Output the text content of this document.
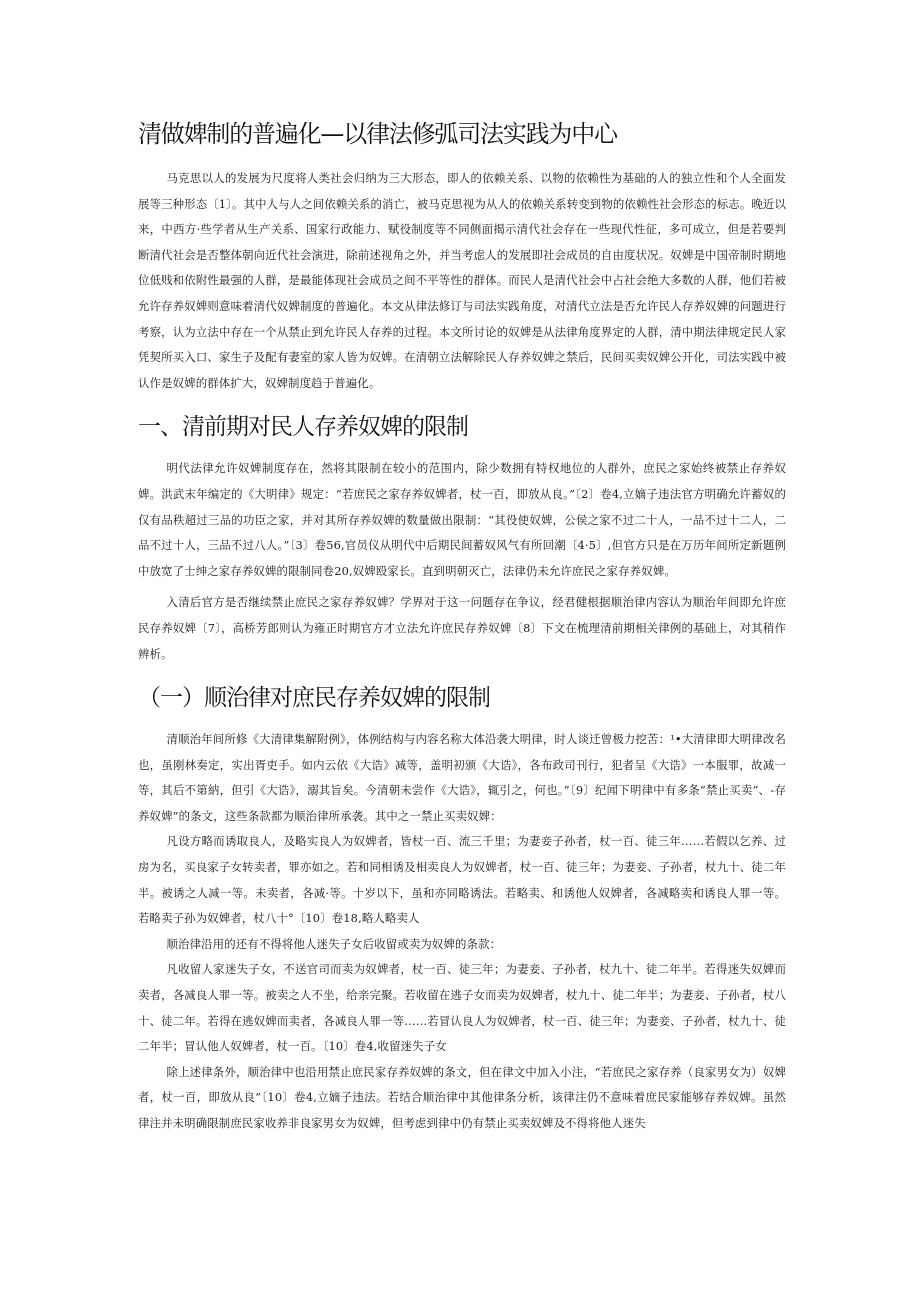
清做婢制的普遍化—以律法修弧司法实践为中心

马克思以人的发展为尺度将人类社会归纳为三大形态，即人的依赖关系、以物的依赖性为基础的人的独立性和个人全面发展等三种形态〔1〕。其中人与人之间依赖关系的消亡，被马克思视为从人的依赖关系转变到物的依赖性社会形态的标志。晚近以来，中西方·些学者从生产关系、国家行政能力、赋役制度等不同侧面揭示清代社会存在一些现代性征，多可成立，但是若要判断清代社会是否整体朝向近代社会演进，除前述视角之外，并当考虑人的发展即社会成员的自由度状况。奴婢是中国帝制时期地位低贱和依附性最强的人群，是最能体现社会成员之间不平等性的群体。而民人是清代社会中占社会绝大多数的人群，他们若被允许存养奴婢则意味着清代奴婢制度的普遍化。本文从律法修订与司法实践角度，对清代立法是否允许民人存养奴婢的问题进行考察，认为立法中存在一个从禁止到允许民人存养的过程。本文所讨论的奴婢是从法律角度界定的人群，清中期法律规定民人家凭契所买入口、家生子及配有妻室的家人皆为奴婢。在清朝立法解除民人存养奴婢之禁后，民间买卖奴婢公开化，司法实践中被认作是奴婢的群体扩大，奴婢制度趋于普遍化。

一、清前期对民人存养奴婢的限制

明代法律允许奴婢制度存在，然将其限制在较小的范围内，除少数拥有特权地位的人群外，庶民之家始终被禁止存养奴婢。洪武末年编定的《大明律》规定：“若庶民之家存养奴婢者，杖一百，即放从良。”〔2〕卷4,立嫡子违法官方明确允许蓄奴的仅有品秩超过三品的功臣之家，并对其所存养奴婢的数量做出限制：“其役使奴婢，公侯之家不过二十人，一品不过十二人，二品不过十人，三品不过八人。”〔3〕卷56,官员仪从明代中后期民间蓄奴风气有所回潮〔4·5〕,但官方只是在万历年间所定新题例中放宽了士绅之家存养奴婢的限制同卷20,奴婢殴家长。直到明朝灭亡，法律仍未允许庶民之家存养奴婢。

入清后官方是否继续禁止庶民之家存养奴婢？学界对于这一问题存在争议，经君健根据顺治律内容认为顺治年间即允许庶民存养奴婢〔7〕，高桥芳郎则认为雍正时期官方才立法允许庶民存养奴婢〔8〕下文在梳理清前期相关律例的基础上，对其稍作辨析。

（一）顺治律对庶民存养奴婢的限制

清顺治年间所修《大清律集解附例》，体例结构与内容名称大体沿袭大明律，时人谈迁曾极力挖苦：¹•大清律即大明律改名也，虽刚林奏定，实出胥吏手。如内云依《大诰》减等，盖明初颁《大诰》，各布政司刊行，犯者呈《大诰》一本服罪，故减一等，其后不第納，但引《大诰》，溺其旨矣。今清朝未尝作《大诰》，辄引之，何也。”〔9〕纪闻下明律中有多条“禁止买卖”、-存养奴婢”的条文，这些条款都为顺治律所承袭。其中之一禁止买卖奴婢：

凡设方略而诱取良人，及略实良人为奴婢者，皆杖一百、流三千里；为妻妾子孙者，杖一百、徒三年……若假以乞养、过房为名，买良家子女转卖者，罪亦如之。若和同相诱及相卖良人为奴婢者，杖一百、徒三年；为妻妾、子孙者，杖九十、徒二年半。被诱之人减一等。未卖者，各减·等。十岁以下，虽和亦同略诱法。若略卖、和诱他人奴婢者，各减略卖和诱良人罪一等。若略卖子孙为奴婢者，杖八十°〔10〕卷18,略人略卖人

顺治律沿用的还有不得将他人迷失子女后收留或卖为奴婢的条款：

凡收留人家迷失子女，不送官司而卖为奴婢者，杖一百、徒三年；为妻妾、子孙者，杖九十、徒二年半。若得迷失奴婢而卖者，各减良人罪一等。被卖之人不坐，给亲完聚。若收留在逃子女而卖为奴婢者，杖九十、徒二年半；为妻妾、子孙者，杖八十、徒二年。若得在逃奴婢而卖者，各减良人罪一等……若冒认良人为奴婢者，杖一百、徒三年；为妻妾、子孙者，杖九十、徒二年半；冒认他人奴婢者，杖一百。〔10〕卷4,收留迷失子女

除上述律条外，顺治律中也沿用禁止庶民家存养奴婢的条文，但在律文中加入小注，“若庶民之家存养（良家男女为）奴婢者，杖一百，即放从良”〔10〕卷4,立嫡子违法。若结合顺治律中其他律条分析，该律注仍不意味着庶民家能够存养奴婢。虽然律注并未明确限制庶民家收养非良家男女为奴婢，但考虑到律中仍有禁止买卖奴婢及不得将他人迷失
